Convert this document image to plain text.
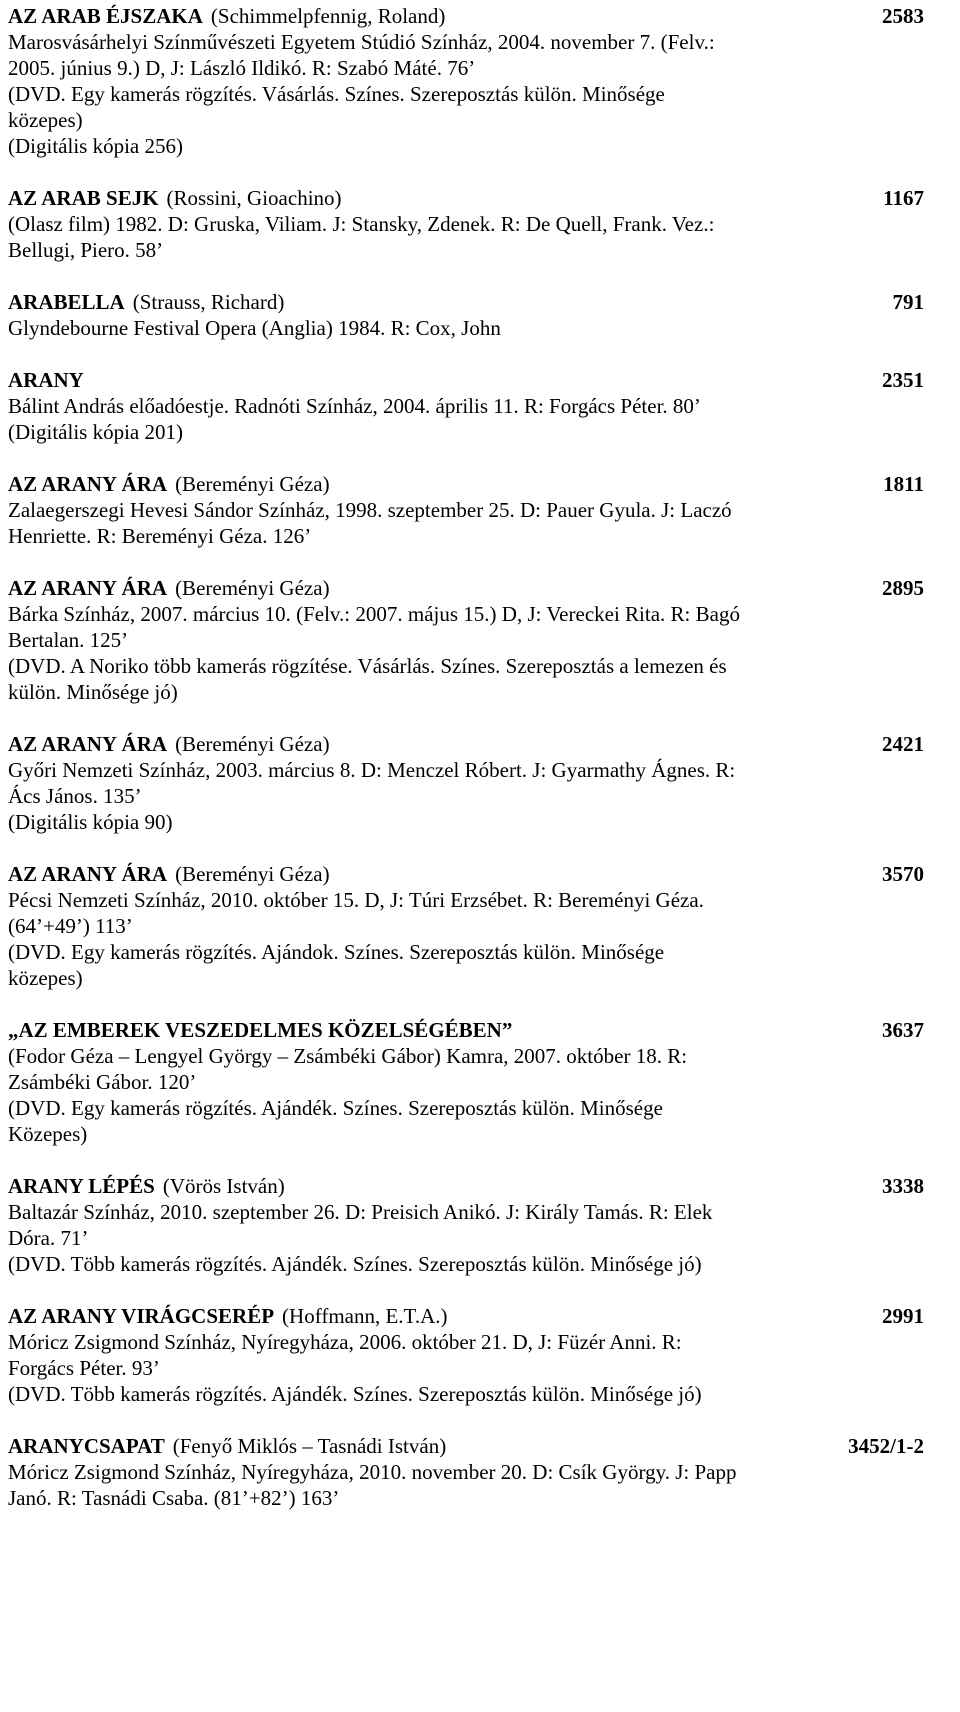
AZ ARAB ÉJSZAKA (Schimmelpfennig, Roland)	2583
Marosvásárhelyi Színművészeti Egyetem Stúdió Színház, 2004. november 7. (Felv.:
2005. június 9.) D, J: László Ildikó. R: Szabó Máté. 76’
(DVD. Egy kamerás rögzítés. Vásárlás. Színes. Szereposztás külön. Minősége
közepes)
(Digitális kópia 256)
AZ ARAB SEJK (Rossini, Gioachino)	1167
(Olasz film) 1982. D: Gruska, Viliam. J: Stansky, Zdenek. R: De Quell, Frank. Vez.:
Bellugi, Piero. 58’
ARABELLA (Strauss, Richard)	791
Glyndebourne Festival Opera (Anglia) 1984. R: Cox, John
ARANY	2351
Bálint András előadóestje. Radnóti Színház, 2004. április 11. R: Forgács Péter. 80’
(Digitális kópia 201)
AZ ARANY ÁRA (Bereményi Géza)	1811
Zalaegerszegi Hevesi Sándor Színház, 1998. szeptember 25. D: Pauer Gyula. J: Laczó
Henriette. R: Bereményi Géza. 126’
AZ ARANY ÁRA (Bereményi Géza)	2895
Bárka Színház, 2007. március 10. (Felv.: 2007. május 15.) D, J: Vereckei Rita. R: Bagó
Bertalan. 125’
(DVD. A Noriko több kamerás rögzítése. Vásárlás. Színes. Szereposztás a lemezen és
külön. Minősége jó)
AZ ARANY ÁRA (Bereményi Géza)	2421
Győri Nemzeti Színház, 2003. március 8. D: Menczel Róbert. J: Gyarmathy Ágnes. R:
Ács János. 135’
(Digitális kópia 90)
AZ ARANY ÁRA (Bereményi Géza)	3570
Pécsi Nemzeti Színház, 2010. október 15. D, J: Túri Erzsébet. R: Bereményi Géza.
(64’+49’) 113’
(DVD. Egy kamerás rögzítés. Ajándok. Színes. Szereposztás külön. Minősége
közepes)
„AZ EMBEREK VESZEDELMES KÖZELSÉGÉBEN”	3637
(Fodor Géza – Lengyel György – Zsámbéki Gábor) Kamra, 2007. október 18. R:
Zsámbéki Gábor. 120’
(DVD. Egy kamerás rögzítés. Ajándék. Színes. Szereposztás külön. Minősége
Közepes)
ARANY LÉPÉS (Vörös István)	3338
Baltazár Színház, 2010. szeptember 26. D: Preisich Anikó. J: Király Tamás. R: Elek
Dóra. 71’
(DVD. Több kamerás rögzítés. Ajándék. Színes. Szereposztás külön. Minősége jó)
AZ ARANY VIRÁGCSERÉP (Hoffmann, E.T.A.)	2991
Móricz Zsigmond Színház, Nyíregyháza, 2006. október 21. D, J: Füzér Anni. R:
Forgács Péter. 93’
(DVD. Több kamerás rögzítés. Ajándék. Színes. Szereposztás külön. Minősége jó)
ARANYCSAPAT (Fenyő Miklós – Tasnádi István)	3452/1-2
Móricz Zsigmond Színház, Nyíregyháza, 2010. november 20. D: Csík György. J: Papp
Janó. R: Tasnádi Csaba. (81’+82’) 163’
